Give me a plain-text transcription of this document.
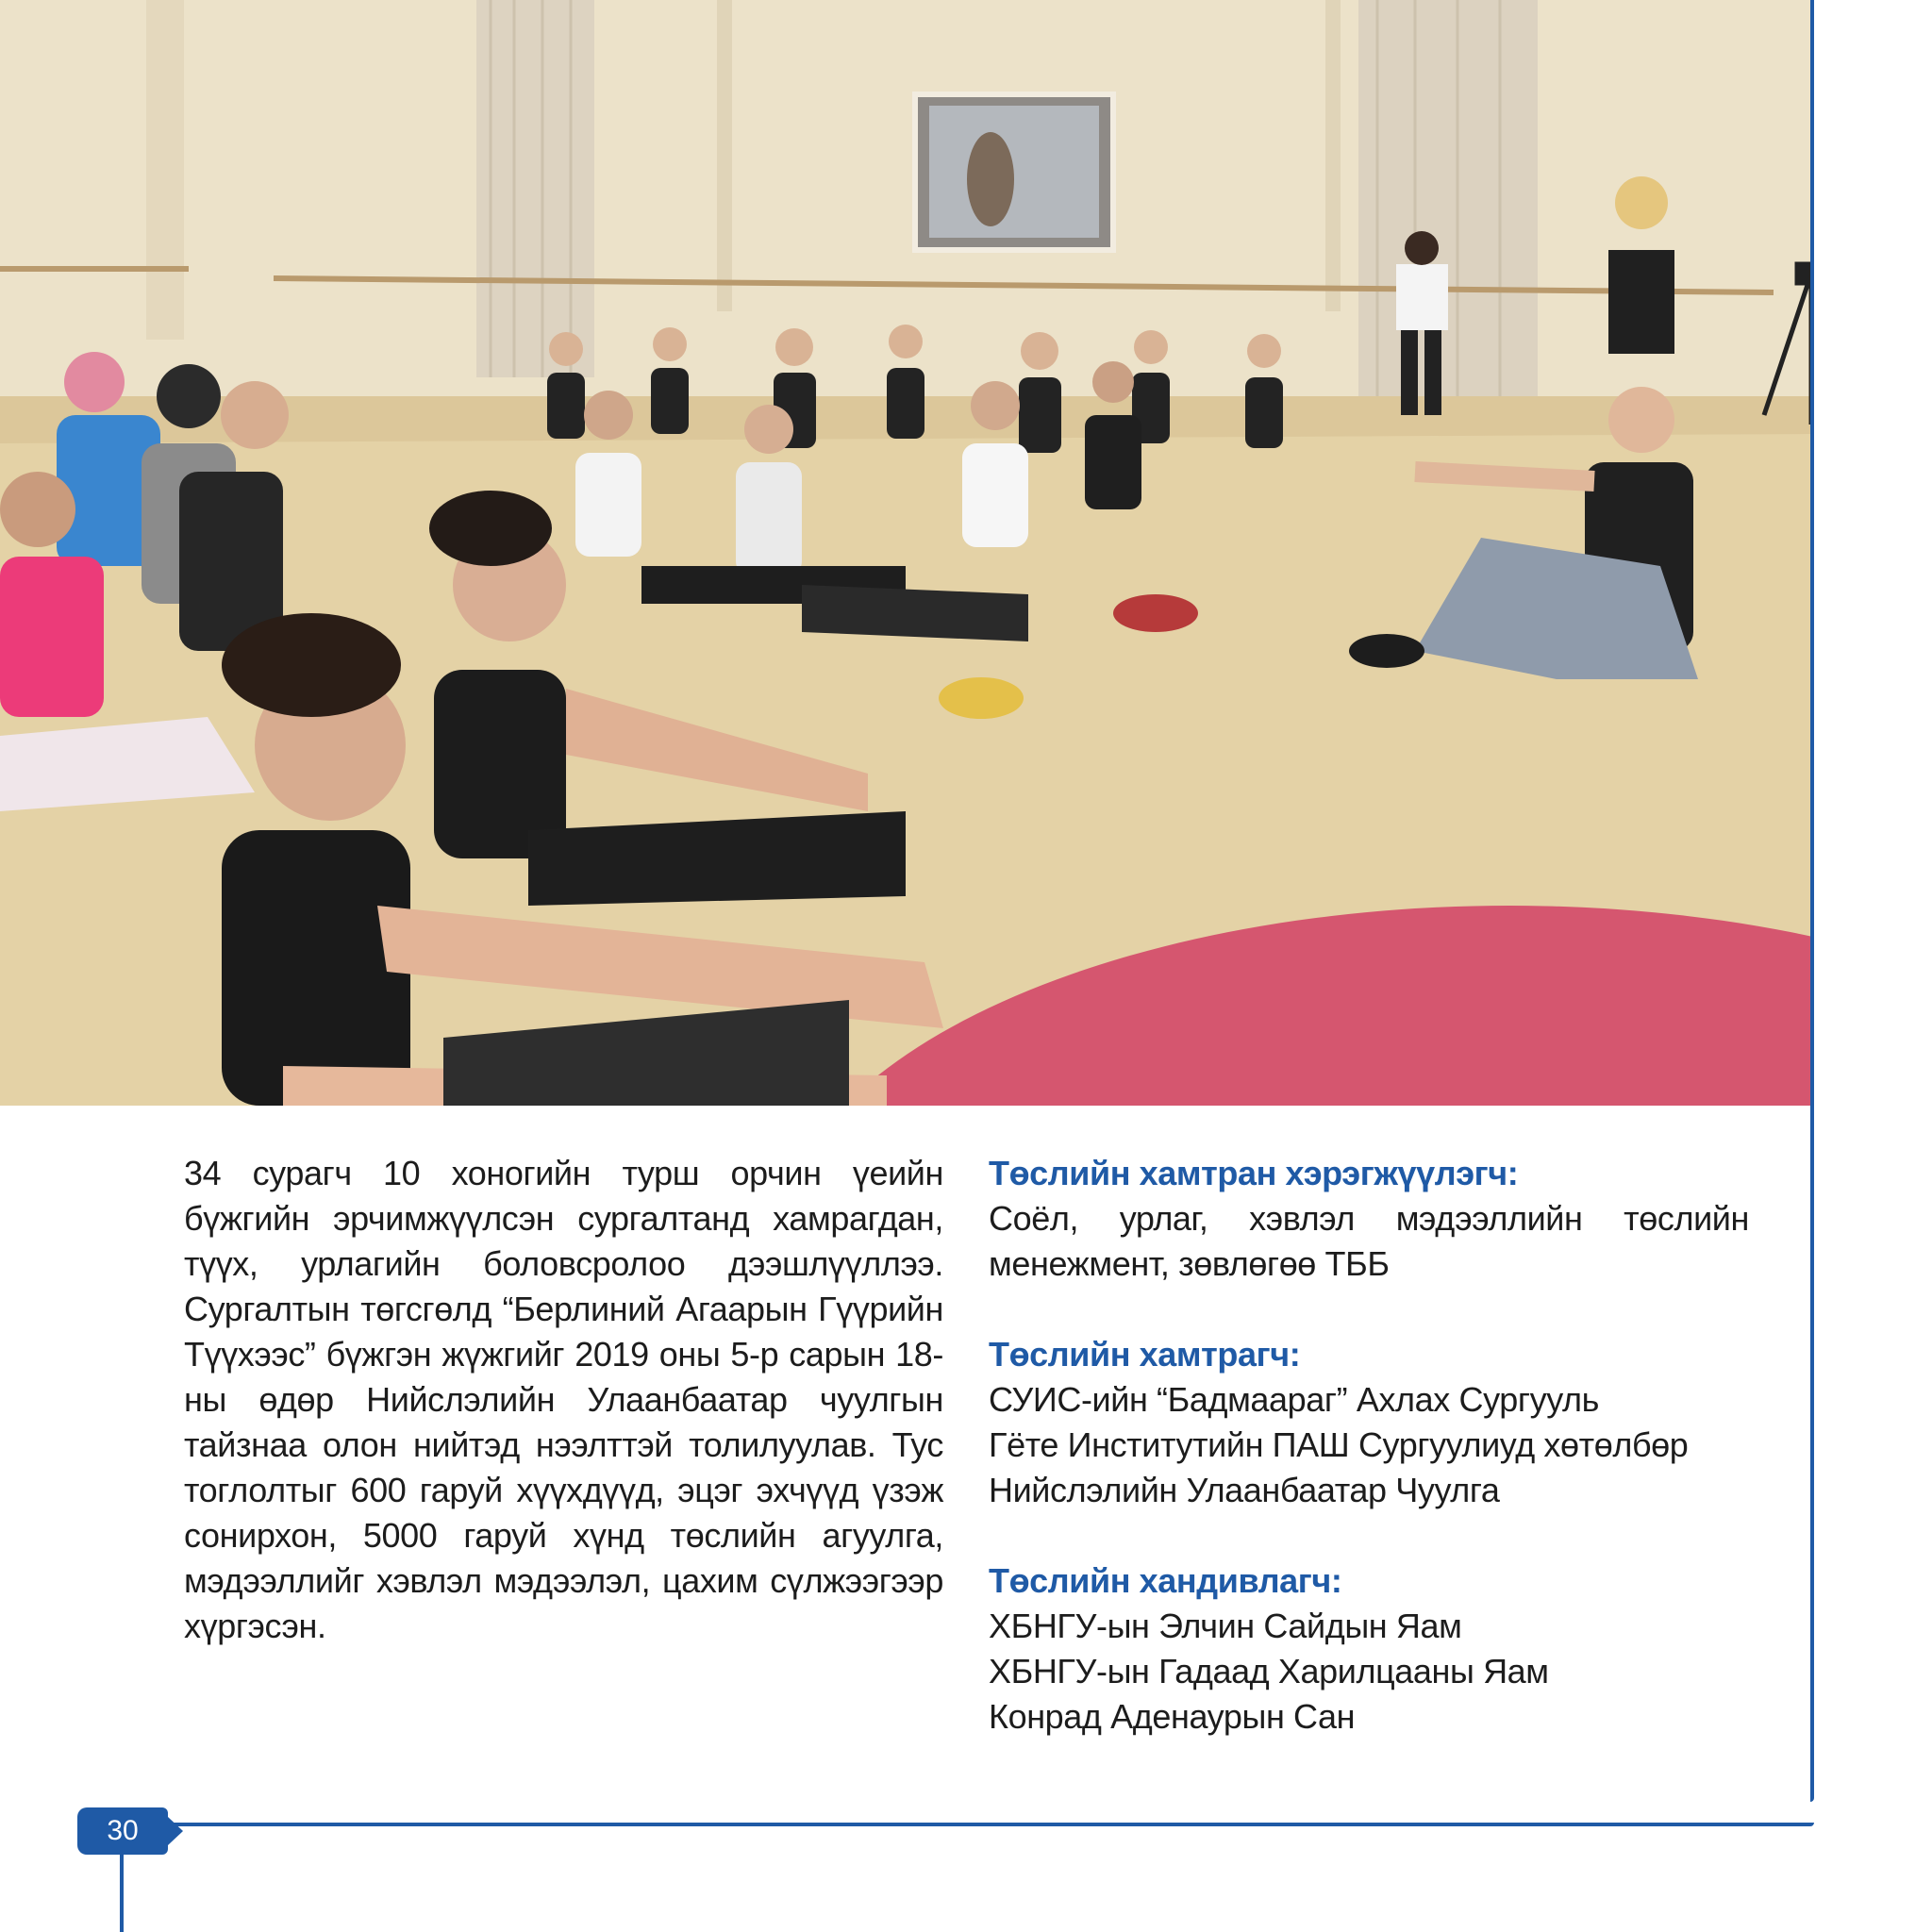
30

34 сурагч 10 хоногийн турш орчин үеийн бүжгийн эрчимжүүлсэн сургалтанд хамрагдан, түүх, урлагийн боловсролоо дээшлүүллээ. Сургалтын төгсгөлд “Берлиний Агаарын Гүүрийн Түүхээс” бүжгэн жүжгийг 2019 оны 5-р сарын 18-ны өдөр Нийслэлийн Улаанбаатар чуулгын тайзнаа олон нийтэд нээлттэй толилуулав. Тус тоглолтыг 600 гаруй хүүхдүүд, эцэг эхчүүд үзэж сонирхон, 5000 гаруй хүнд төслийн агуулга, мэдээллийг хэвлэл мэдээлэл, цахим сүлжээгээр хүргэсэн.

Төслийн хамтран хэрэгжүүлэгч:
Соёл, урлаг, хэвлэл мэдээллийн төслийн менежмент, зөвлөгөө ТББ
Төслийн хамтрагч:
СУИС-ийн “Бадмаараг” Ахлах Сургууль
Гёте Институтийн ПАШ Сургуулиуд хөтөлбөр
Нийслэлийн Улаанбаатар Чуулга
Төслийн хандивлагч:
ХБНГУ-ын Элчин Сайдын Яам
ХБНГУ-ын Гадаад Харилцааны Яам
Конрад Аденаурын Сан
